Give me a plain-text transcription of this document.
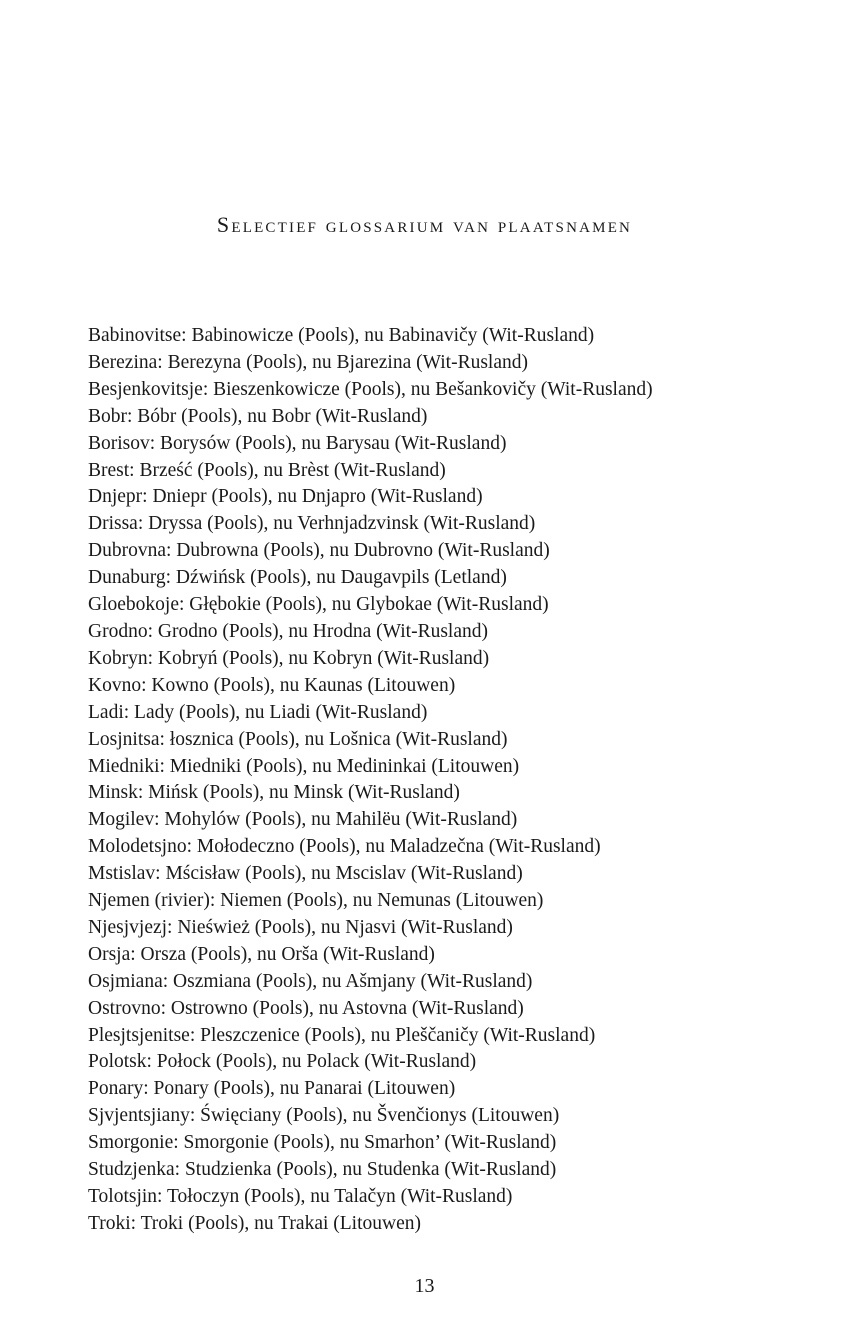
Selectief glossarium van plaatsnamen
Babinovitse: Babinowicze (Pools), nu Babinavičy (Wit-Rusland)
Berezina: Berezyna (Pools), nu Bjarezina (Wit-Rusland)
Besjenkovitsje: Bieszenkowicze (Pools), nu Bešankovičy (Wit-Rusland)
Bobr: Bóbr (Pools), nu Bobr (Wit-Rusland)
Borisov: Borysów (Pools), nu Barysau (Wit-Rusland)
Brest: Brześć (Pools), nu Brèst (Wit-Rusland)
Dnjepr: Dniepr (Pools), nu Dnjapro (Wit-Rusland)
Drissa: Dryssa (Pools), nu Verhnjadzvinsk (Wit-Rusland)
Dubrovna: Dubrowna (Pools), nu Dubrovno (Wit-Rusland)
Dunaburg: Dźwińsk (Pools), nu Daugavpils (Letland)
Gloebokoje: Głębokie (Pools), nu Glybokae (Wit-Rusland)
Grodno: Grodno (Pools), nu Hrodna (Wit-Rusland)
Kobryn: Kobryń (Pools), nu Kobryn (Wit-Rusland)
Kovno: Kowno (Pools), nu Kaunas (Litouwen)
Ladi: Lady (Pools), nu Liadi (Wit-Rusland)
Losjnitsa: łosznica (Pools), nu Lošnica (Wit-Rusland)
Miedniki: Miedniki (Pools), nu Medininkai (Litouwen)
Minsk: Mińsk (Pools), nu Minsk (Wit-Rusland)
Mogilev: Mohylów (Pools), nu Mahilëu (Wit-Rusland)
Molodetsjno: Mołodeczno (Pools), nu Maladzečna (Wit-Rusland)
Mstislav: Mścisław (Pools), nu Mscislav (Wit-Rusland)
Njemen (rivier): Niemen (Pools), nu Nemunas (Litouwen)
Njesjvjezj: Nieśwież (Pools), nu Njasvi (Wit-Rusland)
Orsja: Orsza (Pools), nu Orša (Wit-Rusland)
Osjmiana: Oszmiana (Pools), nu Ašmjany (Wit-Rusland)
Ostrovno: Ostrowno (Pools), nu Astovna (Wit-Rusland)
Plesjtsjenitse: Pleszczenice (Pools), nu Pleščaničy (Wit-Rusland)
Polotsk: Połock (Pools), nu Polack (Wit-Rusland)
Ponary: Ponary (Pools), nu Panarai (Litouwen)
Sjvjentsjiany: Święciany (Pools), nu Švenčionys (Litouwen)
Smorgonie: Smorgonie (Pools), nu Smarhon’ (Wit-Rusland)
Studzjenka: Studzienka (Pools), nu Studenka (Wit-Rusland)
Tolotsjin: Tołoczyn (Pools), nu Talačyn (Wit-Rusland)
Troki: Troki (Pools), nu Trakai (Litouwen)
13
